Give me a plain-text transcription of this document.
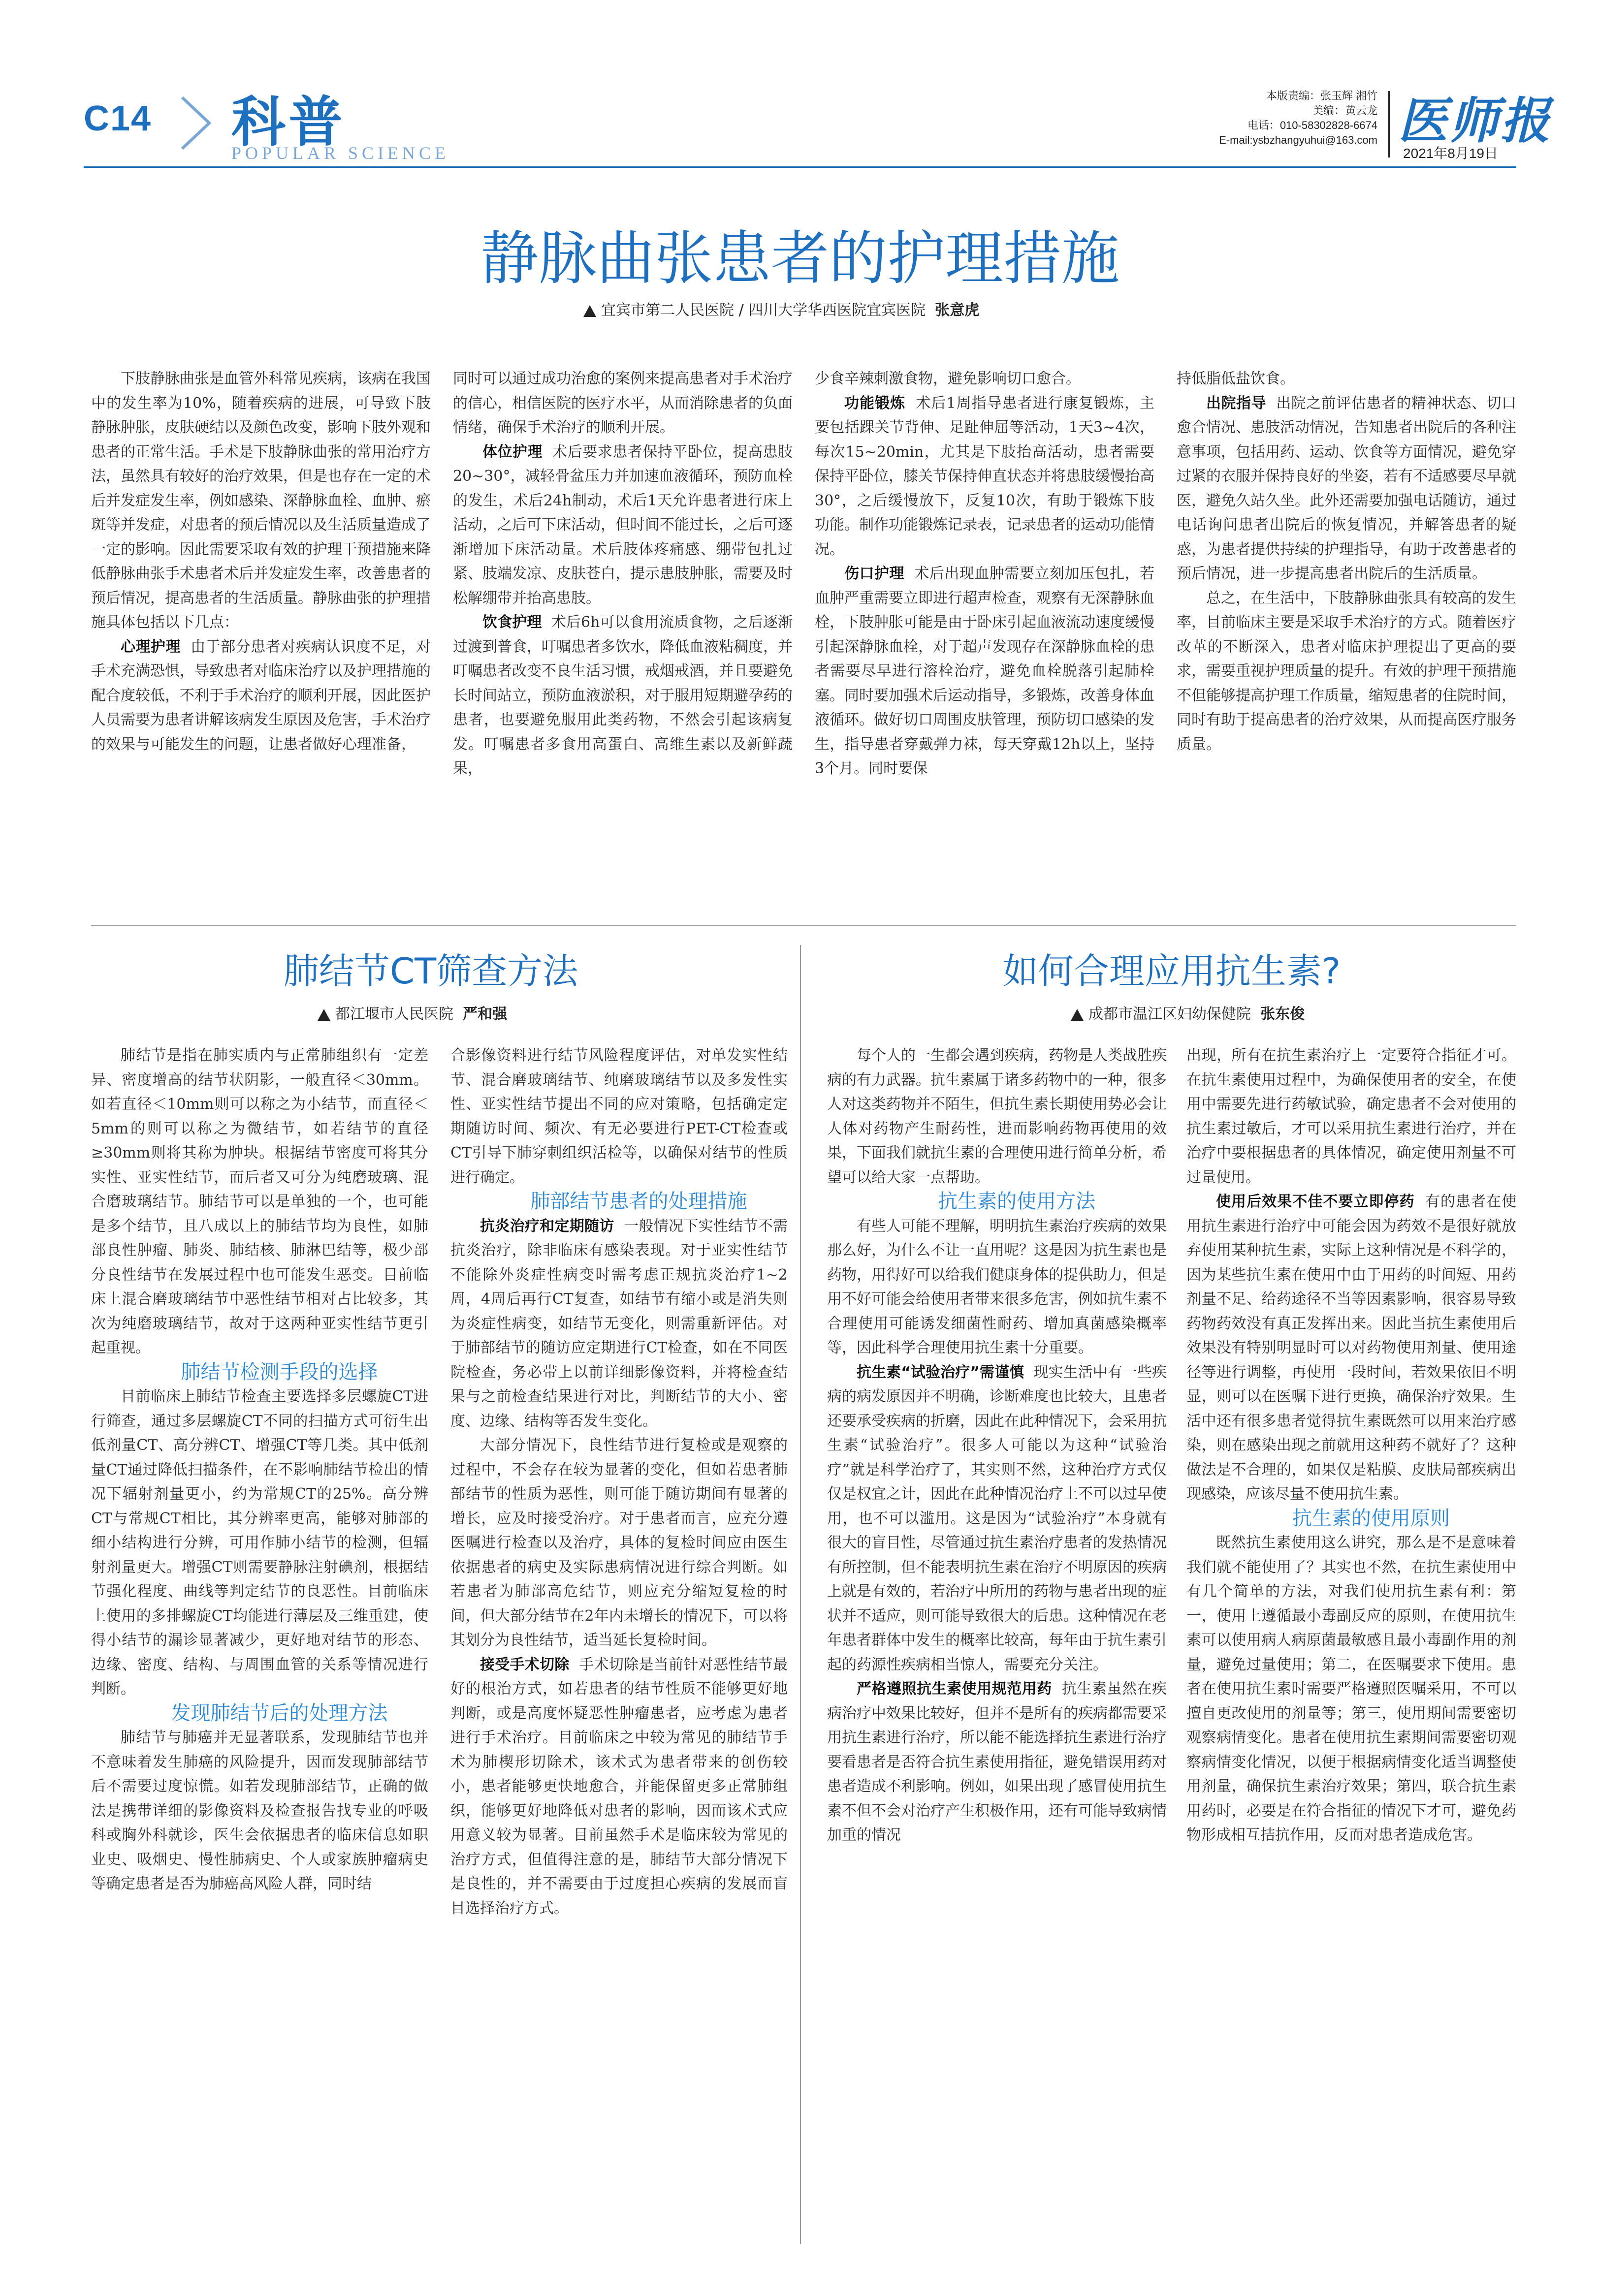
C14 科普
POPULAR SCIENCE
本版责编：张玉辉 湘竹
美编：黄云龙
电话：010-58302828-6674
E-mail:ysbzhangyuhui@163.com 医师报
2021年8月19日
静脉曲张患者的护理措施
宜宾市第二人民医院 / 四川大学华西医院宜宾医院 张意虎

下肢静脉曲张是血管外科常见疾病，该病在我国中的发生率为10%，随着疾病的进展，可导致下肢静脉肿胀，皮肤硬结以及颜色改变，影响下肢外观和患者的正常生活。手术是下肢静脉曲张的常用治疗方法，虽然具有较好的治疗效果，但是也存在一定的术后并发症发生率，例如感染、深静脉血栓、血肿、瘀斑等并发症，对患者的预后情况以及生活质量造成了一定的影响。因此需要采取有效的护理干预措施来降低静脉曲张手术患者术后并发症发生率，改善患者的预后情况，提高患者的生活质量。静脉曲张的护理措施具体包括以下几点：

心理护理 由于部分患者对疾病认识度不足，对手术充满恐惧，导致患者对临床治疗以及护理措施的配合度较低，不利于手术治疗的顺利开展，因此医护人员需要为患者讲解该病发生原因及危害，手术治疗的效果与可能发生的问题，让患者做好心理准备，

同时可以通过成功治愈的案例来提高患者对手术治疗的信心，相信医院的医疗水平，从而消除患者的负面情绪，确保手术治疗的顺利开展。

体位护理 术后要求患者保持平卧位，提高患肢20~30°，减轻骨盆压力并加速血液循环，预防血栓的发生，术后24h制动，术后1天允许患者进行床上活动，之后可下床活动，但时间不能过长，之后可逐渐增加下床活动量。术后肢体疼痛感、绷带包扎过紧、肢端发凉、皮肤苍白，提示患肢肿胀，需要及时松解绷带并抬高患肢。

饮食护理 术后6h可以食用流质食物，之后逐渐过渡到普食，叮嘱患者多饮水，降低血液粘稠度，并叮嘱患者改变不良生活习惯，戒烟戒酒，并且要避免长时间站立，预防血液淤积，对于服用短期避孕药的患者，也要避免服用此类药物，不然会引起该病复发。叮嘱患者多食用高蛋白、高维生素以及新鲜蔬果，

少食辛辣刺激食物，避免影响切口愈合。

功能锻炼 术后1周指导患者进行康复锻炼，主要包括踝关节背伸、足趾伸屈等活动，1天3~4次，每次15~20min，尤其是下肢抬高活动，患者需要保持平卧位，膝关节保持伸直状态并将患肢缓慢抬高30°，之后缓慢放下，反复10次，有助于锻炼下肢功能。制作功能锻炼记录表，记录患者的运动功能情况。

伤口护理 术后出现血肿需要立刻加压包扎，若血肿严重需要立即进行超声检查，观察有无深静脉血栓，下肢肿胀可能是由于卧床引起血液流动速度缓慢引起深静脉血栓，对于超声发现存在深静脉血栓的患者需要尽早进行溶栓治疗，避免血栓脱落引起肺栓塞。同时要加强术后运动指导，多锻炼，改善身体血液循环。做好切口周围皮肤管理，预防切口感染的发生，指导患者穿戴弹力袜，每天穿戴12h以上，坚持3个月。同时要保

持低脂低盐饮食。

出院指导 出院之前评估患者的精神状态、切口愈合情况、患肢活动情况，告知患者出院后的各种注意事项，包括用药、运动、饮食等方面情况，避免穿过紧的衣服并保持良好的坐姿，若有不适感要尽早就医，避免久站久坐。此外还需要加强电话随访，通过电话询问患者出院后的恢复情况，并解答患者的疑惑，为患者提供持续的护理指导，有助于改善患者的预后情况，进一步提高患者出院后的生活质量。

总之，在生活中，下肢静脉曲张具有较高的发生率，目前临床主要是采取手术治疗的方式。随着医疗改革的不断深入，患者对临床护理提出了更高的要求，需要重视护理质量的提升。有效的护理干预措施不但能够提高护理工作质量，缩短患者的住院时间，同时有助于提高患者的治疗效果，从而提高医疗服务质量。

肺结节CT筛查方法
都江堰市人民医院 严和强

肺结节是指在肺实质内与正常肺组织有一定差异、密度增高的结节状阴影，一般直径＜30mm。如若直径＜10mm则可以称之为小结节，而直径＜5mm的则可以称之为微结节，如若结节的直径≥30mm则将其称为肿块。根据结节密度可将其分实性、亚实性结节，而后者又可分为纯磨玻璃、混合磨玻璃结节。肺结节可以是单独的一个，也可能是多个结节，且八成以上的肺结节均为良性，如肺部良性肿瘤、肺炎、肺结核、肺淋巴结等，极少部分良性结节在发展过程中也可能发生恶变。目前临床上混合磨玻璃结节中恶性结节相对占比较多，其次为纯磨玻璃结节，故对于这两种亚实性结节更引起重视。

肺结节检测手段的选择

目前临床上肺结节检查主要选择多层螺旋CT进行筛查，通过多层螺旋CT不同的扫描方式可衍生出低剂量CT、高分辨CT、增强CT等几类。其中低剂量CT通过降低扫描条件，在不影响肺结节检出的情况下辐射剂量更小，约为常规CT的25%。高分辨CT与常规CT相比，其分辨率更高，能够对肺部的细小结构进行分辨，可用作肺小结节的检测，但辐射剂量更大。增强CT则需要静脉注射碘剂，根据结节强化程度、曲线等判定结节的良恶性。目前临床上使用的多排螺旋CT均能进行薄层及三维重建，使得小结节的漏诊显著减少，更好地对结节的形态、边缘、密度、结构、与周围血管的关系等情况进行判断。

发现肺结节后的处理方法

肺结节与肺癌并无显著联系，发现肺结节也并不意味着发生肺癌的风险提升，因而发现肺部结节后不需要过度惊慌。如若发现肺部结节，正确的做法是携带详细的影像资料及检查报告找专业的呼吸科或胸外科就诊，医生会依据患者的临床信息如职业史、吸烟史、慢性肺病史、个人或家族肿瘤病史等确定患者是否为肺癌高风险人群，同时结

合影像资料进行结节风险程度评估，对单发实性结节、混合磨玻璃结节、纯磨玻璃结节以及多发性实性、亚实性结节提出不同的应对策略，包括确定定期随访时间、频次、有无必要进行PET-CT检查或CT引导下肺穿刺组织活检等，以确保对结节的性质进行确定。

肺部结节患者的处理措施

抗炎治疗和定期随访 一般情况下实性结节不需抗炎治疗，除非临床有感染表现。对于亚实性结节不能除外炎症性病变时需考虑正规抗炎治疗1~2周，4周后再行CT复查，如结节有缩小或是消失则为炎症性病变，如结节无变化，则需重新评估。对于肺部结节的随访应定期进行CT检查，如在不同医院检查，务必带上以前详细影像资料，并将检查结果与之前检查结果进行对比，判断结节的大小、密度、边缘、结构等否发生变化。

大部分情况下，良性结节进行复检或是观察的过程中，不会存在较为显著的变化，但如若患者肺部结节的性质为恶性，则可能于随访期间有显著的增长，应及时接受治疗。对于患者而言，应充分遵医嘱进行检查以及治疗，具体的复检时间应由医生依据患者的病史及实际患病情况进行综合判断。如若患者为肺部高危结节，则应充分缩短复检的时间，但大部分结节在2年内未增长的情况下，可以将其划分为良性结节，适当延长复检时间。

接受手术切除 手术切除是当前针对恶性结节最好的根治方式，如若患者的结节性质不能够更好地判断，或是高度怀疑恶性肿瘤患者，应考虑为患者进行手术治疗。目前临床之中较为常见的肺结节手术为肺楔形切除术，该术式为患者带来的创伤较小，患者能够更快地愈合，并能保留更多正常肺组织，能够更好地降低对患者的影响，因而该术式应用意义较为显著。目前虽然手术是临床较为常见的治疗方式，但值得注意的是，肺结节大部分情况下是良性的，并不需要由于过度担心疾病的发展而盲目选择治疗方式。

如何合理应用抗生素?
成都市温江区妇幼保健院 张东俊

每个人的一生都会遇到疾病，药物是人类战胜疾病的有力武器。抗生素属于诸多药物中的一种，很多人对这类药物并不陌生，但抗生素长期使用势必会让人体对药物产生耐药性，进而影响药物再使用的效果，下面我们就抗生素的合理使用进行简单分析，希望可以给大家一点帮助。

抗生素的使用方法

有些人可能不理解，明明抗生素治疗疾病的效果那么好，为什么不让一直用呢？这是因为抗生素也是药物，用得好可以给我们健康身体的提供助力，但是用不好可能会给使用者带来很多危害，例如抗生素不合理使用可能诱发细菌性耐药、增加真菌感染概率等，因此科学合理使用抗生素十分重要。

抗生素“试验治疗”需谨慎 现实生活中有一些疾病的病发原因并不明确，诊断难度也比较大，且患者还要承受疾病的折磨，因此在此种情况下，会采用抗生素“试验治疗”。很多人可能以为这种“试验治疗”就是科学治疗了，其实则不然，这种治疗方式仅仅是权宜之计，因此在此种情况治疗上不可以过早使用，也不可以滥用。这是因为“试验治疗”本身就有很大的盲目性，尽管通过抗生素治疗患者的发热情况有所控制，但不能表明抗生素在治疗不明原因的疾病上就是有效的，若治疗中所用的药物与患者出现的症状并不适应，则可能导致很大的后患。这种情况在老年患者群体中发生的概率比较高，每年由于抗生素引起的药源性疾病相当惊人，需要充分关注。

严格遵照抗生素使用规范用药 抗生素虽然在疾病治疗中效果比较好，但并不是所有的疾病都需要采用抗生素进行治疗，所以能不能选择抗生素进行治疗要看患者是否符合抗生素使用指征，避免错误用药对患者造成不利影响。例如，如果出现了感冒使用抗生素不但不会对治疗产生积极作用，还有可能导致病情加重的情况

出现，所有在抗生素治疗上一定要符合指征才可。在抗生素使用过程中，为确保使用者的安全，在使用中需要先进行药敏试验，确定患者不会对使用的抗生素过敏后，才可以采用抗生素进行治疗，并在治疗中要根据患者的具体情况，确定使用剂量不可过量使用。

使用后效果不佳不要立即停药 有的患者在使用抗生素进行治疗中可能会因为药效不是很好就放弃使用某种抗生素，实际上这种情况是不科学的，因为某些抗生素在使用中由于用药的时间短、用药剂量不足、给药途径不当等因素影响，很容易导致药物药效没有真正发挥出来。因此当抗生素使用后效果没有特别明显时可以对药物使用剂量、使用途径等进行调整，再使用一段时间，若效果依旧不明显，则可以在医嘱下进行更换，确保治疗效果。生活中还有很多患者觉得抗生素既然可以用来治疗感染，则在感染出现之前就用这种药不就好了？这种做法是不合理的，如果仅是粘膜、皮肤局部疾病出现感染，应该尽量不使用抗生素。

抗生素的使用原则

既然抗生素使用这么讲究，那么是不是意味着我们就不能使用了？其实也不然，在抗生素使用中有几个简单的方法，对我们使用抗生素有利：第一，使用上遵循最小毒副反应的原则，在使用抗生素可以使用病人病原菌最敏感且最小毒副作用的剂量，避免过量使用；第二，在医嘱要求下使用。患者在使用抗生素时需要严格遵照医嘱采用，不可以擅自更改使用的剂量等；第三，使用期间需要密切观察病情变化。患者在使用抗生素期间需要密切观察病情变化情况，以便于根据病情变化适当调整使用剂量，确保抗生素治疗效果；第四，联合抗生素用药时，必要是在符合指征的情况下才可，避免药物形成相互拮抗作用，反而对患者造成危害。
